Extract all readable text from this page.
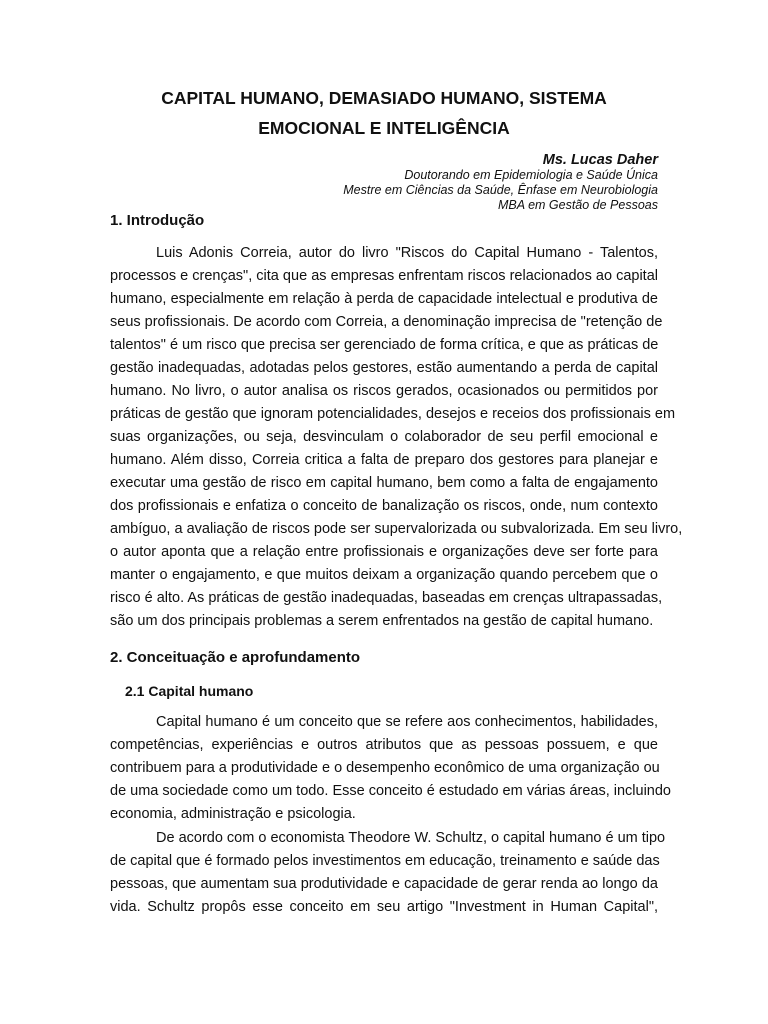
CAPITAL HUMANO, DEMASIADO HUMANO, SISTEMA
EMOCIONAL E INTELIGÊNCIA

Ms. Lucas Daher

Doutorando em Epidemiologia e Saúde Única

Mestre em Ciências da Saúde, Ênfase em Neurobiologia

MBA em Gestão de Pessoas

1. Introdução
Luis Adonis Correia, autor do livro "Riscos do Capital Humano - Talentos,
processos e crenças", cita que as empresas enfrentam riscos relacionados ao capital
humano, especialmente em relação à perda de capacidade intelectual e produtiva de
seus profissionais. De acordo com Correia, a denominação imprecisa de "retenção de
talentos" é um risco que precisa ser gerenciado de forma crítica, e que as práticas de
gestão inadequadas, adotadas pelos gestores, estão aumentando a perda de capital
humano. No livro, o autor analisa os riscos gerados, ocasionados ou permitidos por
práticas de gestão que ignoram potencialidades, desejos e receios dos profissionais em
suas organizações, ou seja, desvinculam o colaborador de seu perfil emocional e
humano. Além disso, Correia critica a falta de preparo dos gestores para planejar e
executar uma gestão de risco em capital humano, bem como a falta de engajamento
dos profissionais e enfatiza o conceito de banalização os riscos, onde, num contexto
ambíguo, a avaliação de riscos pode ser supervalorizada ou subvalorizada. Em seu livro,
o autor aponta que a relação entre profissionais e organizações deve ser forte para
manter o engajamento, e que muitos deixam a organização quando percebem que o
risco é alto. As práticas de gestão inadequadas, baseadas em crenças ultrapassadas,
são um dos principais problemas a serem enfrentados na gestão de capital humano.
2. Conceituação e aprofundamento
2.1 Capital humano
Capital humano é um conceito que se refere aos conhecimentos, habilidades,
competências, experiências e outros atributos que as pessoas possuem, e que
contribuem para a produtividade e o desempenho econômico de uma organização ou
de uma sociedade como um todo. Esse conceito é estudado em várias áreas, incluindo
economia, administração e psicologia.
De acordo com o economista Theodore W. Schultz, o capital humano é um tipo
de capital que é formado pelos investimentos em educação, treinamento e saúde das
pessoas, que aumentam sua produtividade e capacidade de gerar renda ao longo da
vida. Schultz propôs esse conceito em seu artigo "Investment in Human Capital",
